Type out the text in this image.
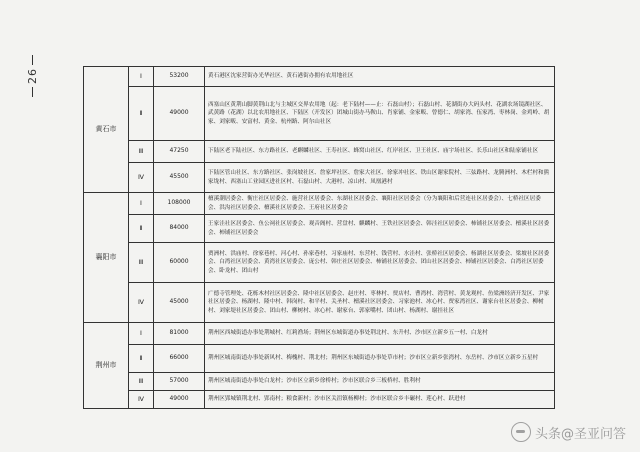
26
黄石市	Ⅰ	53200	黄石港区沈家营街办光华社区、黄石港街办拥有农用地社区
	Ⅱ	49000	西塞山区黄荆山脚黄荆山北与主城区交界农用地（起：老下陆村——止：石磊山村）；石磊山村、花湖街办大码头村、花湖农场镜湖社区、武黄路（花湖）以北农用地社区、下陆区（开发区）团城山街办马鞍山、肖家铺、金家畈、曾德仁、胡家湾、伍家湾、枣林岗、金鸡岭、胡家、刘家畈、安富村、黄金、杭州路、阿尔山社区
	Ⅲ	47250	下陆区老下陆社区、东方路社区、老麒麟社区、王寿社区、蜂窝山社区、红岸社区、卫王社区、庙宇场社区、长乐山社区和陆家铺社区
	Ⅳ	45500	下陆区管山社区、东方路社区、张岗坡社区、詹家坪社区、詹家大社区、徐家冲社区、铁山区谢家院村、三弦路村、龙腾洲村、木栏村和熊家垅村、西塞山工业园区进社区村、石磊山村、大港村、凉山村、凤凰港村
襄阳市	Ⅰ	108000	檀溪潮居委会、衡庄社区居委会、施营社区居委会、东湖社区居委会、襄阳社区居委会（分为襄阳和后营连社区居委会）、七桥社区居委会、洪沟社区居委会、檀溪社区居委会、王府社区居委会
	Ⅱ	84000	王家洼社区居委会、鱼公祠社区居委会、观音阁村、营盘村、麒麟村、王铁社区居委会、韩洼社区居委会、柿铺社区居委会、檀溪社区居委会、柿铺社区居委会
	Ⅲ	60000	贾洲村、洪庙村、徐家巷村、河心村、孙家巷村、习家庙村、东营村、钱营村、水洼村、张桥社区居委会、杨湖社区居委会、梁坡社区居委会、白湾社区居委会、黄湾社区居委会、庞公村、韩庄社区居委会、柿铺社区居委会、团山社区居委会、柿铺社区居委会、白湾社区居委会、卧龙村、团山村
	Ⅳ	45000	广德寺管理处、花栎木村社区居委会、隆中社区居委会、赵庄村、枣林村、贾店村、曹湾村、湾营村、黄龙观村、鱼梁洲经济开发区、尹家社区居委会、杨湖村、隆中村、韩岗村、和平村、关圣村、檀溪社区居委会、习家池村、冰心村、贾家湾社区、谢家台社区居委会、柳树村、刘家堤社区居委会、团山村、柳树村、冰心村、谢家台、郭家嘴村、团山村、杨湖村、谢挂社区
荆州市	Ⅰ	81000	荆州区西城街道办事处荆城村、红莉渔场；荆州区东城街道办事处荆北村、东升村、沙市区立新乡五一村、白龙村
	Ⅱ	66000	荆州区城南街道办事处新风村、梅槐村、荆北村；荆州区东城街道办事处草市村；沙市区立新乡张湾村、东岳村、沙市区立新乡五星村
	Ⅲ	57000	荆州区城南街道办事处白龙村；沙市区立新乡徐桥村；沙市区联合乡三板桥村、胜利村
	Ⅳ	49000	荆州区郢城镇荆北村、郢南村；粮食新村；沙市区关沮镇杨柳村；沙市区联合乡丰碾村、莲心村、跃进村
头条@圣亚问答
